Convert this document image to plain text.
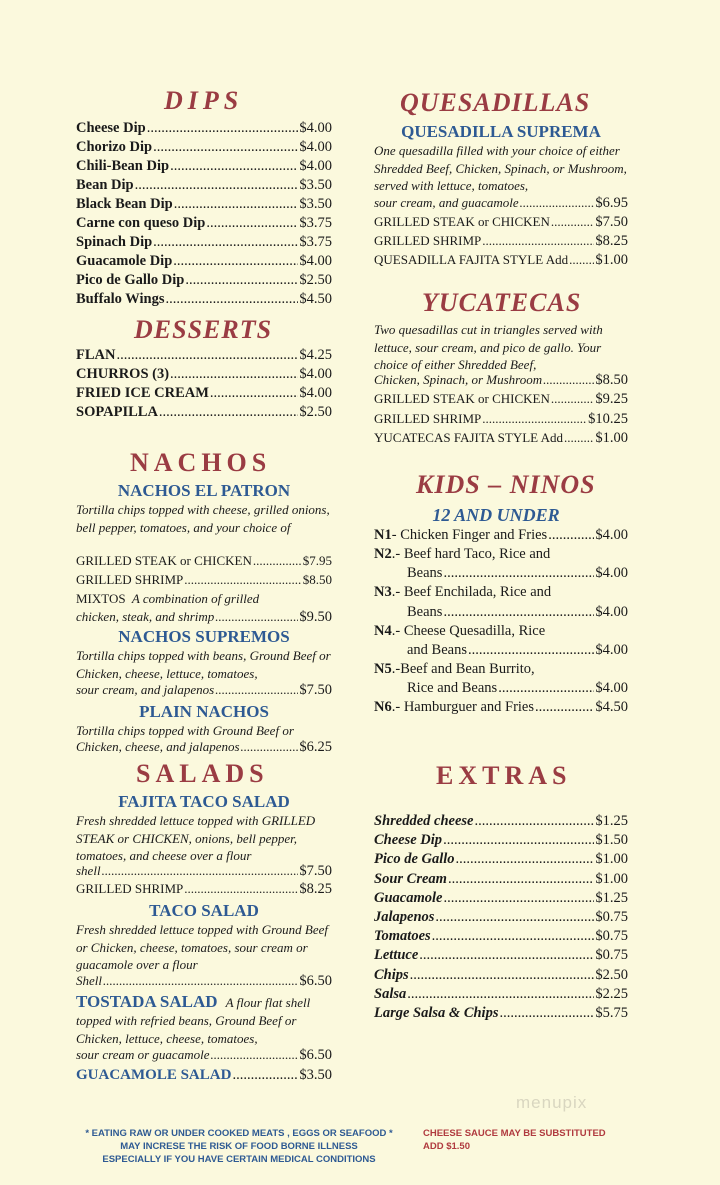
DIPS
Cheese Dip .....	$4.00
Chorizo Dip .....	$4.00
Chili-Bean Dip .....	$4.00
Bean Dip .....	$3.50
Black Bean Dip .....	$3.50
Carne con queso Dip .....	$3.75
Spinach Dip .....	$3.75
Guacamole Dip .....	$4.00
Pico de Gallo Dip .....	$2.50
Buffalo Wings .....	$4.50
DESSERTS
FLAN .....	$4.25
CHURROS (3) .....	$4.00
FRIED ICE CREAM .....	$4.00
SOPAPILLA .....	$2.50
NACHOS
NACHOS EL PATRON
Tortilla chips topped with cheese, grilled onions, bell pepper, tomatoes, and your choice of
GRILLED STEAK or CHICKEN .....	$7.95
GRILLED SHRIMP .....	$8.50
MIXTOS A combination of grilled
chicken, steak, and shrimp .....	$9.50
NACHOS SUPREMOS
Tortilla chips topped with beans, Ground Beef or Chicken, cheese, lettuce, tomatoes,
sour cream, and jalapenos .....	$7.50
PLAIN NACHOS
Tortilla chips topped with Ground Beef or
Chicken, cheese, and jalapenos .....	$6.25
SALADS
FAJITA TACO SALAD
Fresh shredded lettuce topped with GRILLED STEAK or CHICKEN, onions, bell pepper, tomatoes, and cheese over a flour
shell .....	$7.50
GRILLED SHRIMP .....	$8.25
TACO SALAD
Fresh shredded lettuce topped with Ground Beef or Chicken, cheese, tomatoes, sour cream or guacamole over a flour
Shell .....	$6.50
TOSTADA SALAD A flour flat shell
topped with refried beans, Ground Beef or Chicken, lettuce, cheese, tomatoes,
sour cream or guacamole .....	$6.50
GUACAMOLE SALAD .....	$3.50
QUESADILLAS
QUESADILLA SUPREMA
One quesadilla filled with your choice of either Shredded Beef, Chicken, Spinach, or Mushroom, served with lettuce, tomatoes,
sour cream, and guacamole .....	$6.95
GRILLED STEAK or CHICKEN .....	$7.50
GRILLED SHRIMP .....	$8.25
QUESADILLA FAJITA STYLE Add ..... $1.00
YUCATECAS
Two quesadillas cut in triangles served with lettuce, sour cream, and pico de gallo. Your choice of either Shredded Beef,
Chicken, Spinach, or Mushroom .....	$8.50
GRILLED STEAK or CHICKEN .....	$9.25
GRILLED SHRIMP .....	$10.25
YUCATECAS FAJITA STYLE Add ..... $1.00
KIDS – NINOS
12 AND UNDER
N1 - Chicken Finger and Fries .....	$4.00
N2.- Beef hard Taco, Rice and
Beans .....	$4.00
N3.- Beef Enchilada, Rice and
Beans .....	$4.00
N4.- Cheese Quesadilla, Rice
and Beans .....	$4.00
N5.-Beef and Bean Burrito,
Rice and Beans .....	$4.00
N6 .- Hamburguer and Fries .....	$4.50
EXTRAS
Shredded cheese .....	$1.25
Cheese Dip .....	$1.50
Pico de Gallo .....	$1.00
Sour Cream .....	$1.00
Guacamole .....	$1.25
Jalapenos .....	$0.75
Tomatoes .....	$0.75
Lettuce .....	$0.75
Chips .....	$2.50
Salsa .....	$2.25
Large Salsa & Chips .....	$5.75
* EATING RAW OR UNDER COOKED MEATS , EGGS OR SEAFOOD *
MAY INCRESE THE RISK OF FOOD BORNE ILLNESS
ESPECIALLY IF YOU HAVE CERTAIN MEDICAL CONDITIONS
CHEESE SAUCE MAY BE SUBSTITUTED
ADD $1.50
menupix
